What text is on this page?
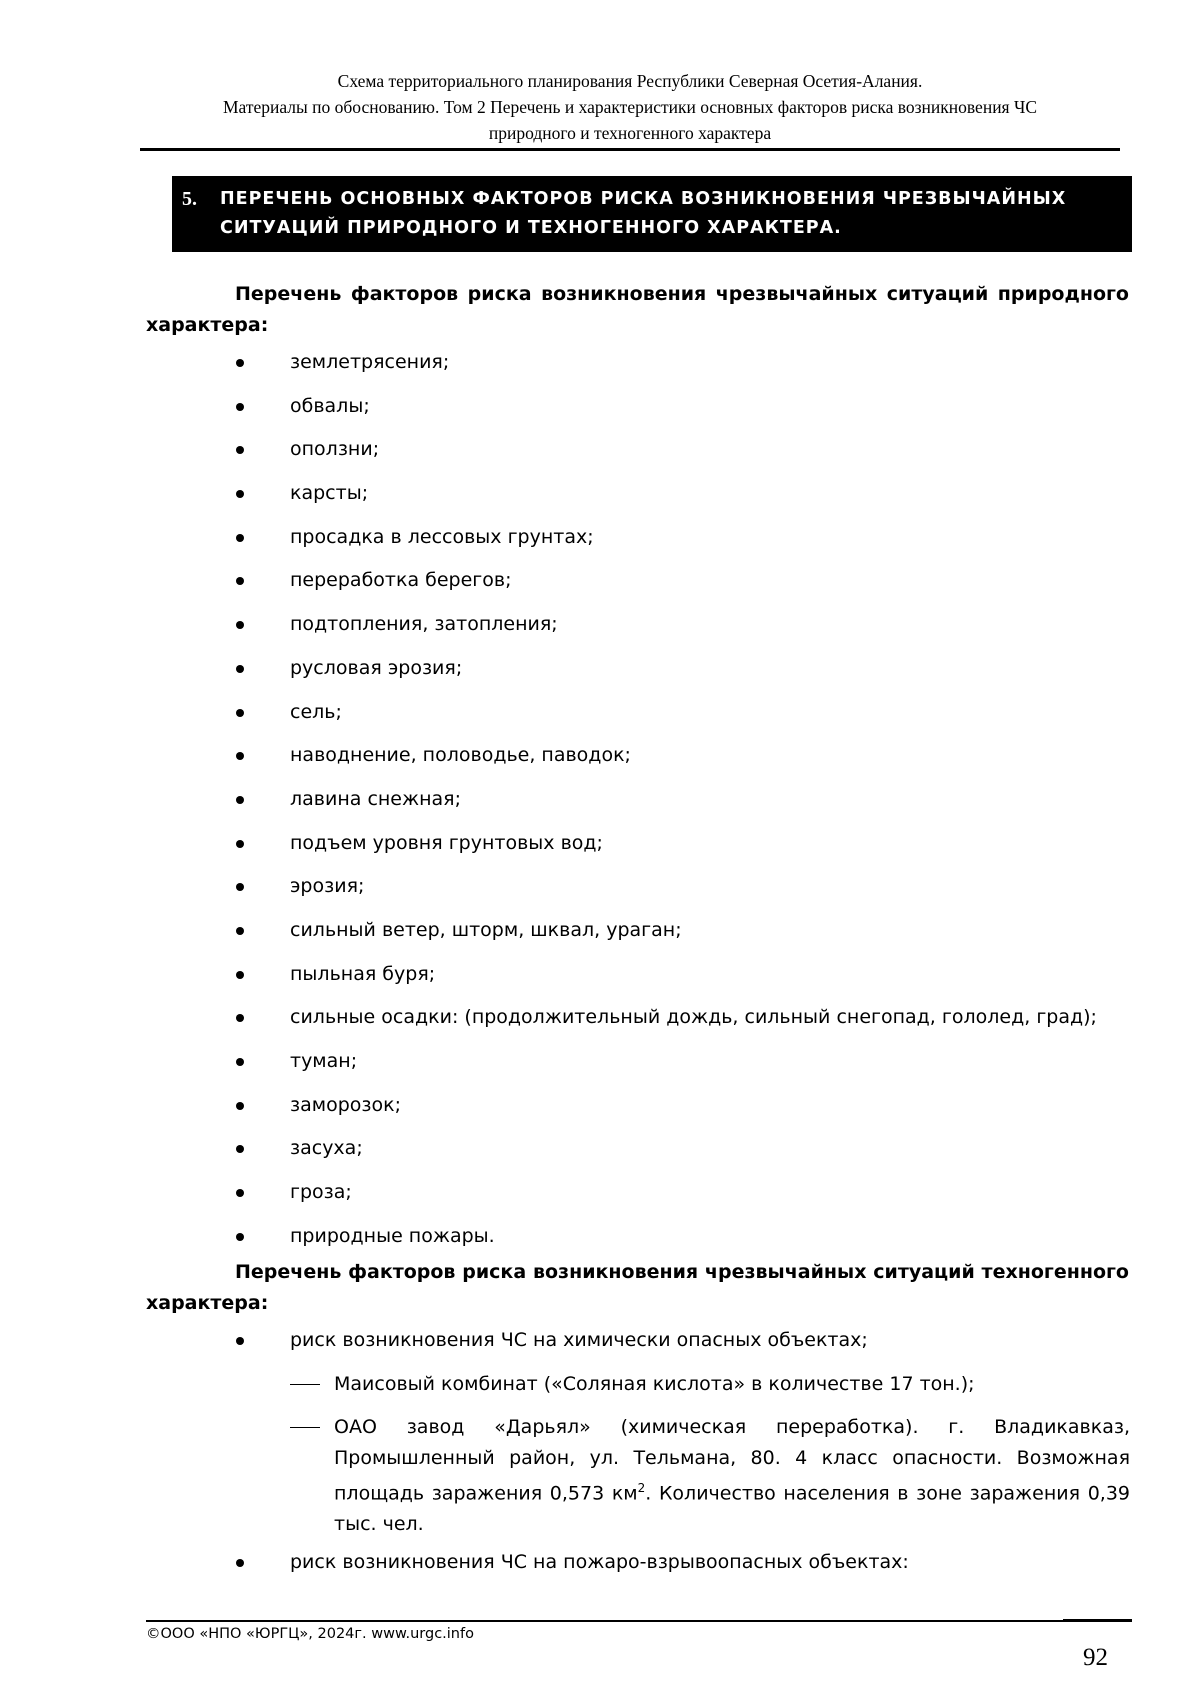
Схема территориального планирования Республики Северная Осетия-Алания.
Материалы по обоснованию. Том 2 Перечень и характеристики основных факторов риска возникновения ЧС
природного и техногенного характера
5.	ПЕРЕЧЕНЬ ОСНОВНЫХ ФАКТОРОВ РИСКА ВОЗНИКНОВЕНИЯ ЧРЕЗВЫЧАЙНЫХ
СИТУАЦИЙ ПРИРОДНОГО И ТЕХНОГЕННОГО ХАРАКТЕРА.

Перечень факторов риска возникновения чрезвычайных ситуаций природного характера:

землетрясения;
обвалы;
оползни;
карсты;
просадка в лессовых грунтах;
переработка берегов;
подтопления, затопления;
русловая эрозия;
сель;
наводнение, половодье, паводок;
лавина снежная;
подъем уровня грунтовых вод;
эрозия;
сильный ветер, шторм, шквал, ураган;
пыльная буря;
сильные осадки: (продолжительный дождь, сильный снегопад, гололед, град);
туман;
заморозок;
засуха;
гроза;
природные пожары.

Перечень факторов риска возникновения чрезвычайных ситуаций техногенного характера:

риск возникновения ЧС на химически опасных объектах;
Маисовый комбинат («Соляная кислота» в количестве 17 тон.);
ОАО завод «Дарьял» (химическая переработка). г. Владикавказ, Промышленный район, ул. Тельмана, 80. 4 класс опасности. Возможная площадь заражения 0,573 $км^2$. Количество населения в зоне заражения 0,39 тыс. чел.
риск возникновения ЧС на пожаро-взрывоопасных объектах:
©ООО «НПО «ЮРГЦ», 2024г. www.urgc.info
92
